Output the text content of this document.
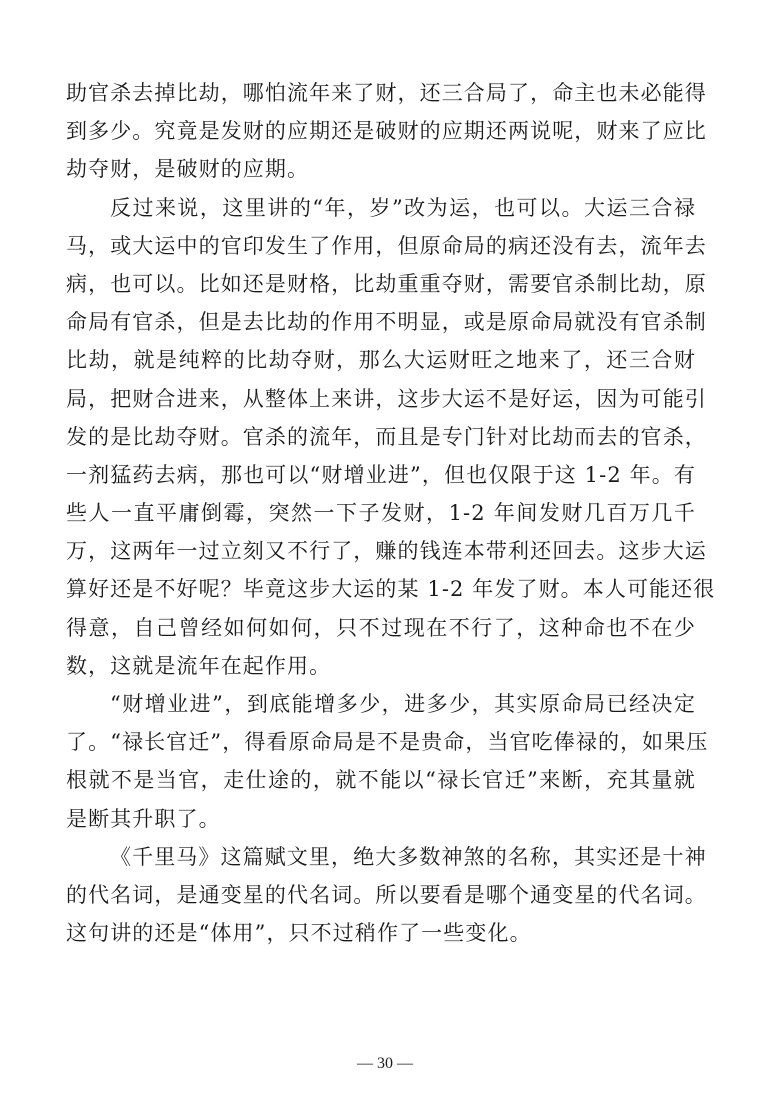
助官杀去掉比劫，哪怕流年来了财，还三合局了，命主也未必能得
到多少。究竟是发财的应期还是破财的应期还两说呢，财来了应比
劫夺财，是破财的应期。
反过来说，这里讲的“年，岁”改为运，也可以。大运三合禄
马，或大运中的官印发生了作用，但原命局的病还没有去，流年去
病，也可以。比如还是财格，比劫重重夺财，需要官杀制比劫，原
命局有官杀，但是去比劫的作用不明显，或是原命局就没有官杀制
比劫，就是纯粹的比劫夺财，那么大运财旺之地来了，还三合财
局，把财合进来，从整体上来讲，这步大运不是好运，因为可能引
发的是比劫夺财。官杀的流年，而且是专门针对比劫而去的官杀，
一剂猛药去病，那也可以“财增业进”，但也仅限于这 1-2 年。有
些人一直平庸倒霉，突然一下子发财，1-2 年间发财几百万几千
万，这两年一过立刻又不行了，赚的钱连本带利还回去。这步大运
算好还是不好呢？毕竟这步大运的某 1-2 年发了财。本人可能还很
得意，自己曾经如何如何，只不过现在不行了，这种命也不在少
数，这就是流年在起作用。
“财增业进”，到底能增多少，进多少，其实原命局已经决定
了。“禄长官迁”，得看原命局是不是贵命，当官吃俸禄的，如果压
根就不是当官，走仕途的，就不能以“禄长官迁”来断，充其量就
是断其升职了。
《千里马》这篇赋文里，绝大多数神煞的名称，其实还是十神
的代名词，是通变星的代名词。所以要看是哪个通变星的代名词。
这句讲的还是“体用”，只不过稍作了一些变化。
— 30 —
